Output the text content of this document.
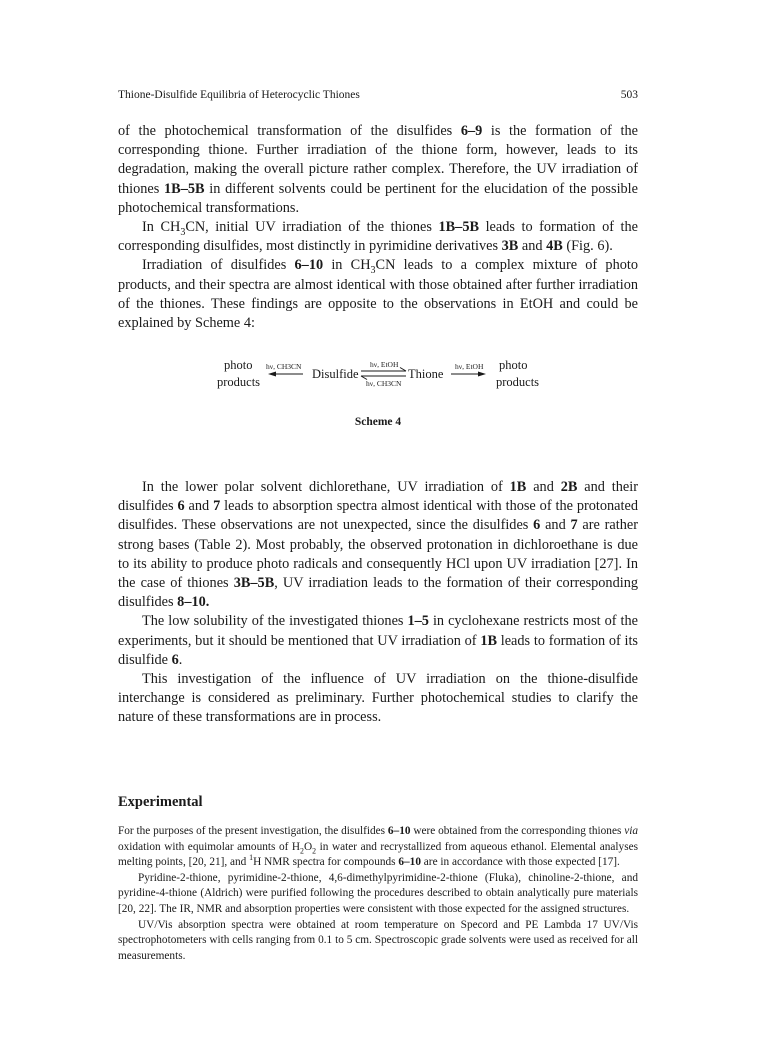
Thione-Disulfide Equilibria of Heterocyclic Thiones	503

of the photochemical transformation of the disulfides 6–9 is the formation of the corresponding thione. Further irradiation of the thione form, however, leads to its degradation, making the overall picture rather complex. Therefore, the UV irradiation of thiones 1B–5B in different solvents could be pertinent for the elucidation of the possible photochemical transformations.

In $CH_3CN$, initial UV irradiation of the thiones 1B–5B leads to formation of the corresponding disulfides, most distinctly in pyrimidine derivatives 3B and 4B (Fig. 6).

Irradiation of disulfides 6–10 in $CH_3CN$ leads to a complex mixture of photo products, and their spectra are almost identical with those obtained after further irradiation of the thiones. These findings are opposite to the observations in EtOH and could be explained by Scheme 4:

photo
products
hν, CH3CN
Disulfide
hν, EtOH
hν, CH3CN
Thione
hν, EtOH photo
products
Scheme 4

In the lower polar solvent dichlorethane, UV irradiation of 1B and 2B and their disulfides 6 and 7 leads to absorption spectra almost identical with those of the protonated disulfides. These observations are not unexpected, since the disulfides 6 and 7 are rather strong bases (Table 2). Most probably, the observed protonation in dichloroethane is due to its ability to produce photo radicals and consequently HCl upon UV irradiation [27]. In the case of thiones 3B–5B, UV irradiation leads to the formation of their corresponding disulfides 8–10.

The low solubility of the investigated thiones 1–5 in cyclohexane restricts most of the experiments, but it should be mentioned that UV irradiation of 1B leads to formation of its disulfide 6.

This investigation of the influence of UV irradiation on the thione-disulfide interchange is considered as preliminary. Further photochemical studies to clarify the nature of these transformations are in process.

Experimental

For the purposes of the present investigation, the disulfides 6–10 were obtained from the corresponding thiones via oxidation with equimolar amounts of $H_2O_2$ in water and recrystallized from aqueous ethanol. Elemental analyses melting points, [20, 21], and $^1$H NMR spectra for compounds 6–10 are in accordance with those expected [17].

Pyridine-2-thione, pyrimidine-2-thione, 4,6-dimethylpyrimidine-2-thione (Fluka), chinoline-2-thione, and pyridine-4-thione (Aldrich) were purified following the procedures described to obtain analytically pure materials [20, 22]. The IR, NMR and absorption properties were consistent with those expected for the assigned structures.

UV/Vis absorption spectra were obtained at room temperature on Specord and PE Lambda 17 UV/Vis spectrophotometers with cells ranging from 0.1 to 5 cm. Spectroscopic grade solvents were used as received for all measurements.
